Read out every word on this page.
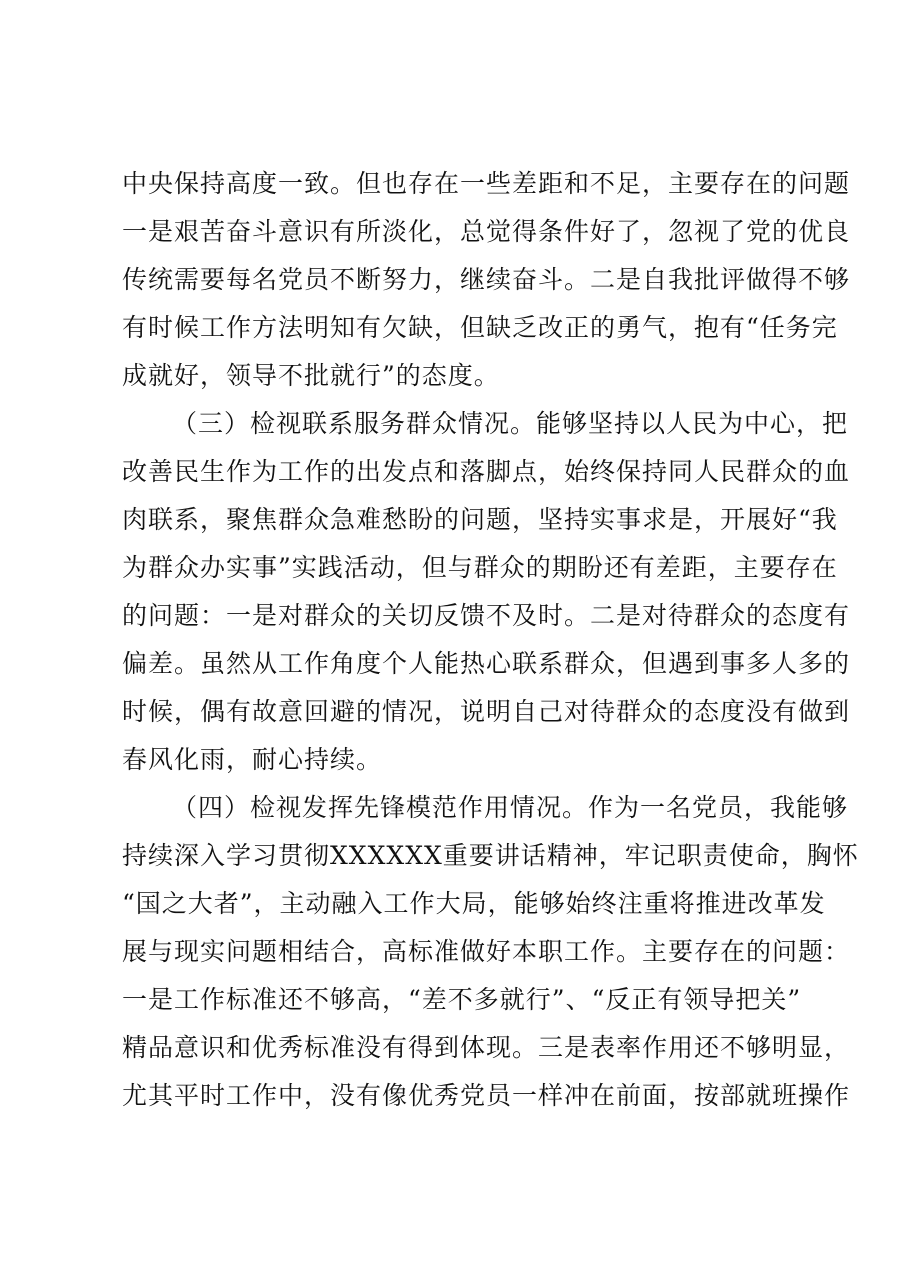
中央保持高度一致。但也存在一些差距和不足，主要存在的问题
一是艰苦奋斗意识有所淡化，总觉得条件好了，忽视了党的优良
传统需要每名党员不断努力，继续奋斗。二是自我批评做得不够
有时候工作方法明知有欠缺，但缺乏改正的勇气，抱有“任务完
成就好，领导不批就行”的态度。
（三）检视联系服务群众情况。能够坚持以人民为中心，把
改善民生作为工作的出发点和落脚点，始终保持同人民群众的血
肉联系，聚焦群众急难愁盼的问题，坚持实事求是，开展好“我
为群众办实事”实践活动，但与群众的期盼还有差距，主要存在
的问题：一是对群众的关切反馈不及时。二是对待群众的态度有
偏差。虽然从工作角度个人能热心联系群众，但遇到事多人多的
时候，偶有故意回避的情况，说明自己对待群众的态度没有做到
春风化雨，耐心持续。
（四）检视发挥先锋模范作用情况。作为一名党员，我能够
持续深入学习贯彻XXXXXX重要讲话精神，牢记职责使命，胸怀
“国之大者”，主动融入工作大局，能够始终注重将推进改革发
展与现实问题相结合，高标准做好本职工作。主要存在的问题：
一是工作标准还不够高，“差不多就行”、“反正有领导把关”
精品意识和优秀标准没有得到体现。三是表率作用还不够明显，
尤其平时工作中，没有像优秀党员一样冲在前面，按部就班操作
